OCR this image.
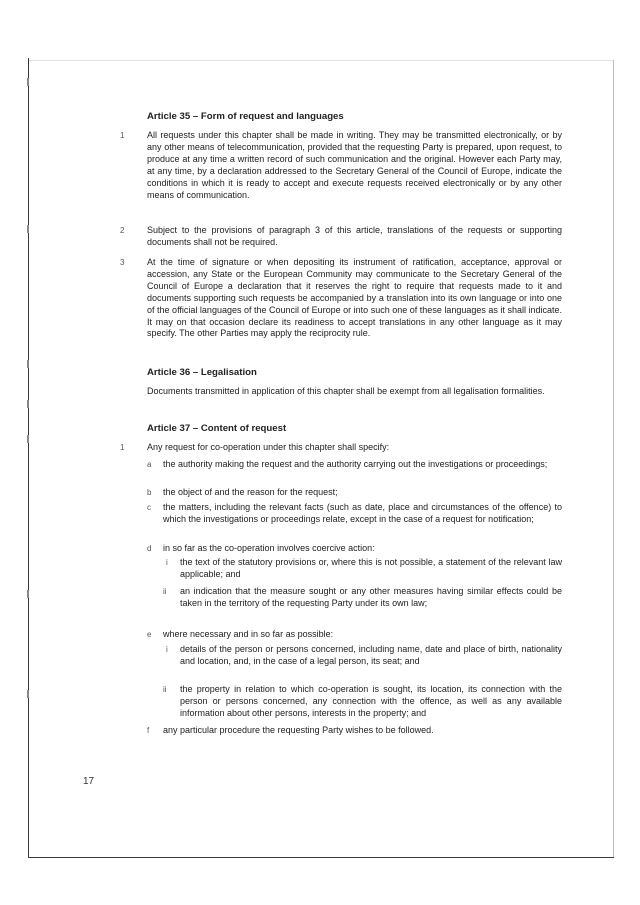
Article 35 – Form of request and languages
1	All requests under this chapter shall be made in writing. They may be transmitted electronically, or by any other means of telecommunication, provided that the requesting Party is prepared, upon request, to produce at any time a written record of such communication and the original. However each Party may, at any time, by a declaration addressed to the Secretary General of the Council of Europe, indicate the conditions in which it is ready to accept and execute requests received electronically or by any other means of communication.

2	Subject to the provisions of paragraph 3 of this article, translations of the requests or supporting documents shall not be required.

3	At the time of signature or when depositing its instrument of ratification, acceptance, approval or accession, any State or the European Community may communicate to the Secretary General of the Council of Europe a declaration that it reserves the right to require that requests made to it and documents supporting such requests be accompanied by a translation into its own language or into one of the official languages of the Council of Europe or into such one of these languages as it shall indicate. It may on that occasion declare its readiness to accept translations in any other language as it may specify. The other Parties may apply the reciprocity rule.

Article 36 – Legalisation

Documents transmitted in application of this chapter shall be exempt from all legalisation formalities.

Article 37 – Content of request
1	Any request for co-operation under this chapter shall specify:

a the authority making the request and the authority carrying out the investigations or proceedings;

b the object of and the reason for the request;

c the matters, including the relevant facts (such as date, place and circumstances of the offence) to which the investigations or proceedings relate, except in the case of a request for notification;

d in so far as the co-operation involves coercive action:

i the text of the statutory provisions or, where this is not possible, a statement of the relevant law applicable; and

ii an indication that the measure sought or any other measures having similar effects could be taken in the territory of the requesting Party under its own law;

e where necessary and in so far as possible:

i details of the person or persons concerned, including name, date and place of birth, nationality and location, and, in the case of a legal person, its seat; and

ii the property in relation to which co-operation is sought, its location, its connection with the person or persons concerned, any connection with the offence, as well as any available information about other persons, interests in the property; and

f any particular procedure the requesting Party wishes to be followed.

17
